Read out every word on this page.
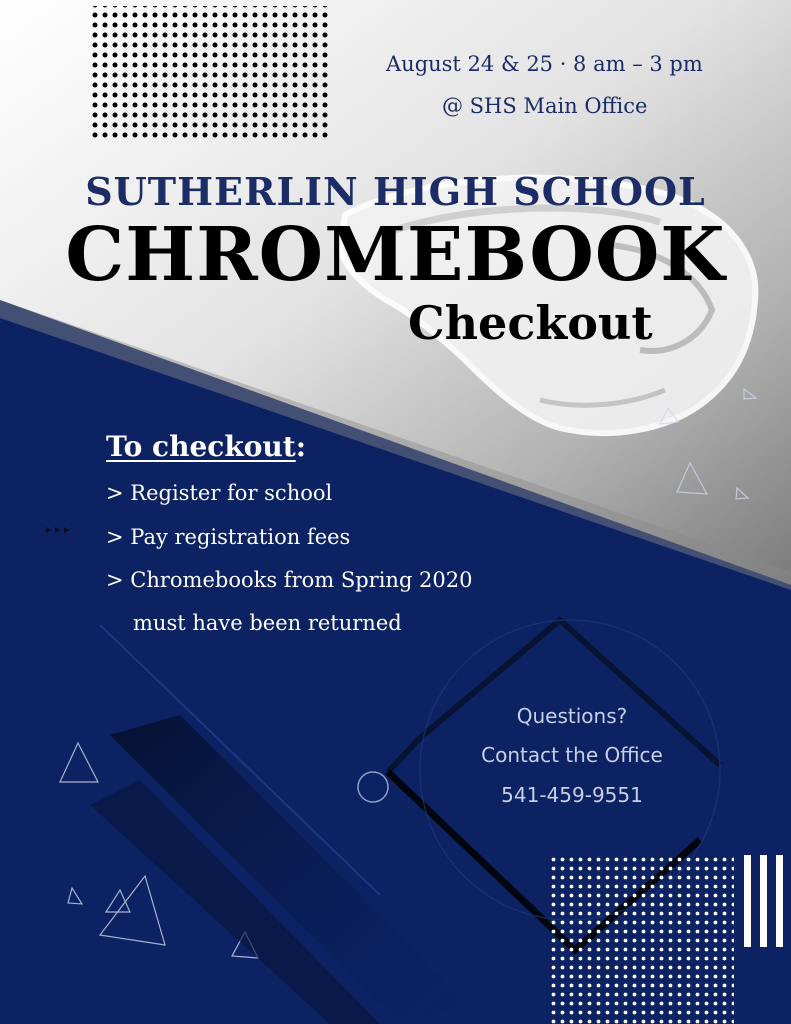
August 24 & 25 · 8 am – 3 pm

@ SHS Main Office

SUTHERLIN HIGH SCHOOL
CHROMEBOOK
Checkout
To checkout:

> Register for school

> Pay registration fees

> Chromebooks from Spring 2020

must have been returned

Questions?

Contact the Office

541-459-9551
